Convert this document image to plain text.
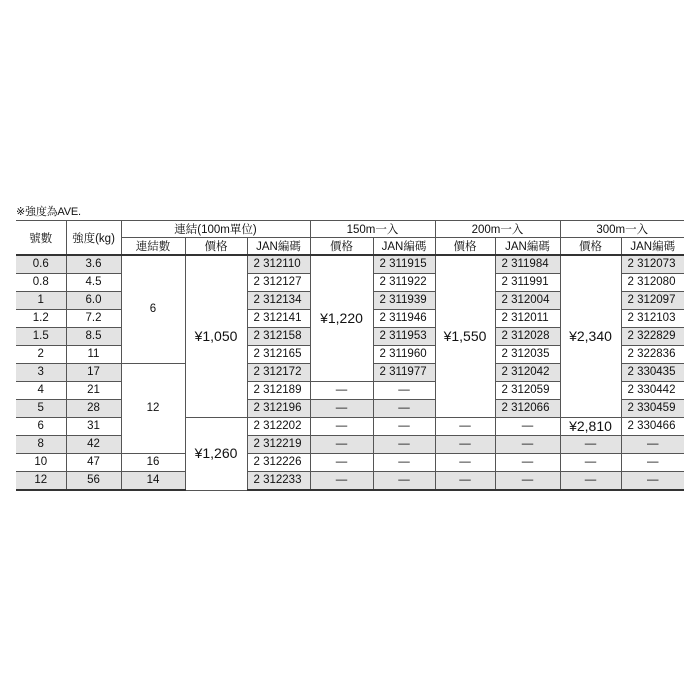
※強度為AVE.
號數	強度(kg)	連結(100m單位)			150m一入		200m一入		300m一入	
		連結數	價格	JAN編碼	價格	JAN編碼	價格	JAN編碼	價格	JAN編碼
0.6	3.6	6	¥1,050	2 312110	¥1,220	2 311915	¥1,550	2 311984	¥2,340	2 312073
0.8	4.5			2 312127		2 311922		2 311991		2 312080
1	6.0			2 312134		2 311939		2 312004		2 312097
1.2	7.2			2 312141		2 311946		2 312011		2 312103
1.5	8.5			2 312158		2 311953		2 312028		2 322829
2	11			2 312165		2 311960		2 312035		2 322836
3	17	12		2 312172		2 311977		2 312042		2 330435
4	21			2 312189	—	—		2 312059		2 330442
5	28			2 312196	—	—		2 312066		2 330459
6	31		¥1,260	2 312202	—	—	—	—	¥2,810	2 330466
8	42			2 312219	—	—	—	—	—	—
10	47	16		2 312226	—	—	—	—	—	—
12	56	14		2 312233	—	—	—	—	—	—
